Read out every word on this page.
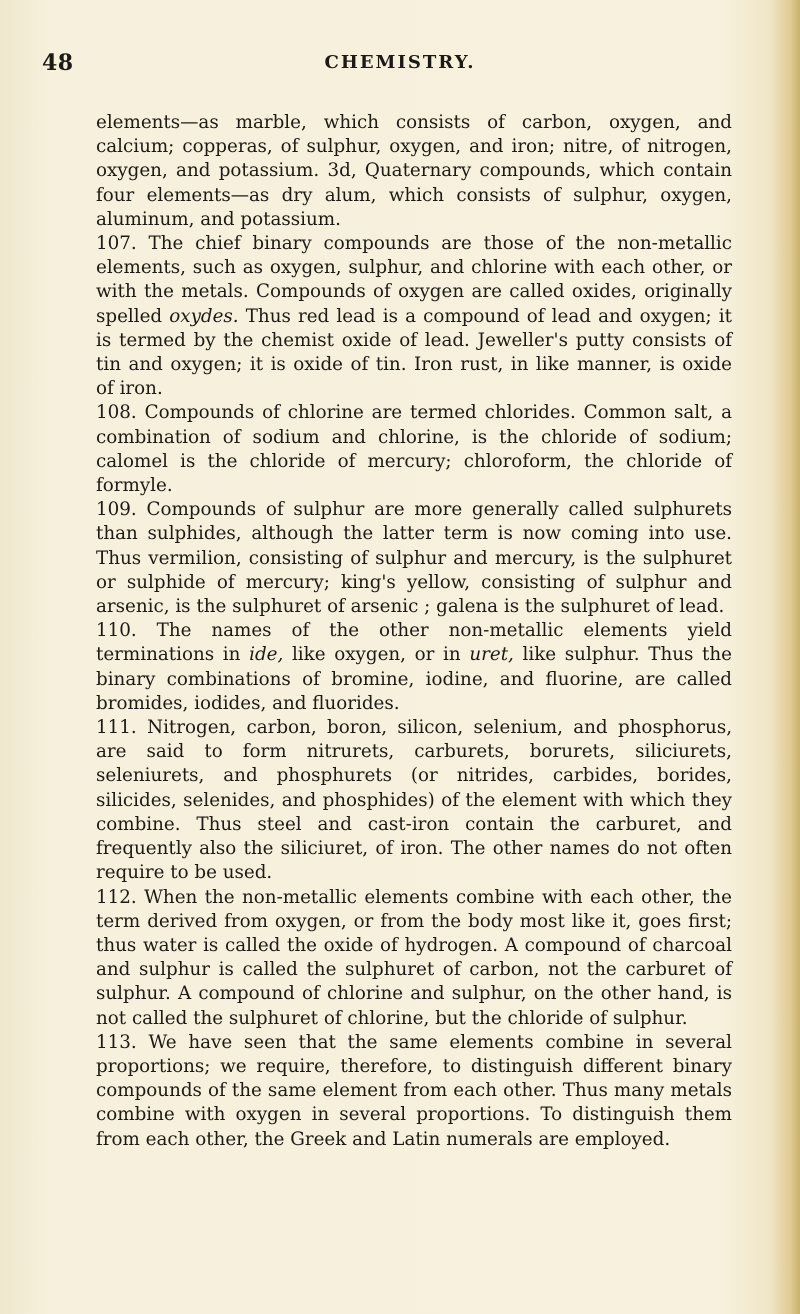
48	CHEMISTRY.

elements—as marble, which consists of carbon, oxygen, and calcium; copperas, of sulphur, oxygen, and iron; nitre, of nitrogen, oxygen, and potassium. 3d, Quaternary compounds, which contain four elements—as dry alum, which consists of sulphur, oxygen, aluminum, and potassium.

107. The chief binary compounds are those of the non-metallic elements, such as oxygen, sulphur, and chlorine with each other, or with the metals. Compounds of oxygen are called oxides, originally spelled oxydes. Thus red lead is a compound of lead and oxygen; it is termed by the chemist oxide of lead. Jeweller's putty consists of tin and oxygen; it is oxide of tin. Iron rust, in like manner, is oxide of iron.

108. Compounds of chlorine are termed chlorides. Common salt, a combination of sodium and chlorine, is the chloride of sodium; calomel is the chloride of mercury; chloroform, the chloride of formyle.

109. Compounds of sulphur are more generally called sulphurets than sulphides, although the latter term is now coming into use. Thus vermilion, consisting of sulphur and mercury, is the sulphuret or sulphide of mercury; king's yellow, consisting of sulphur and arsenic, is the sulphuret of arsenic ; galena is the sulphuret of lead.

110. The names of the other non-metallic elements yield terminations in ide, like oxygen, or in uret, like sulphur. Thus the binary combinations of bromine, iodine, and fluorine, are called bromides, iodides, and fluorides.

111. Nitrogen, carbon, boron, silicon, selenium, and phosphorus, are said to form nitrurets, carburets, borurets, siliciurets, seleniurets, and phosphurets (or nitrides, carbides, borides, silicides, selenides, and phosphides) of the element with which they combine. Thus steel and cast-iron contain the carburet, and frequently also the siliciuret, of iron. The other names do not often require to be used.

112. When the non-metallic elements combine with each other, the term derived from oxygen, or from the body most like it, goes first; thus water is called the oxide of hydrogen. A compound of charcoal and sulphur is called the sulphuret of carbon, not the carburet of sulphur. A compound of chlorine and sulphur, on the other hand, is not called the sulphuret of chlorine, but the chloride of sulphur.

113. We have seen that the same elements combine in several proportions; we require, therefore, to distinguish different binary compounds of the same element from each other. Thus many metals combine with oxygen in several proportions. To distinguish them from each other, the Greek and Latin numerals are employed.
